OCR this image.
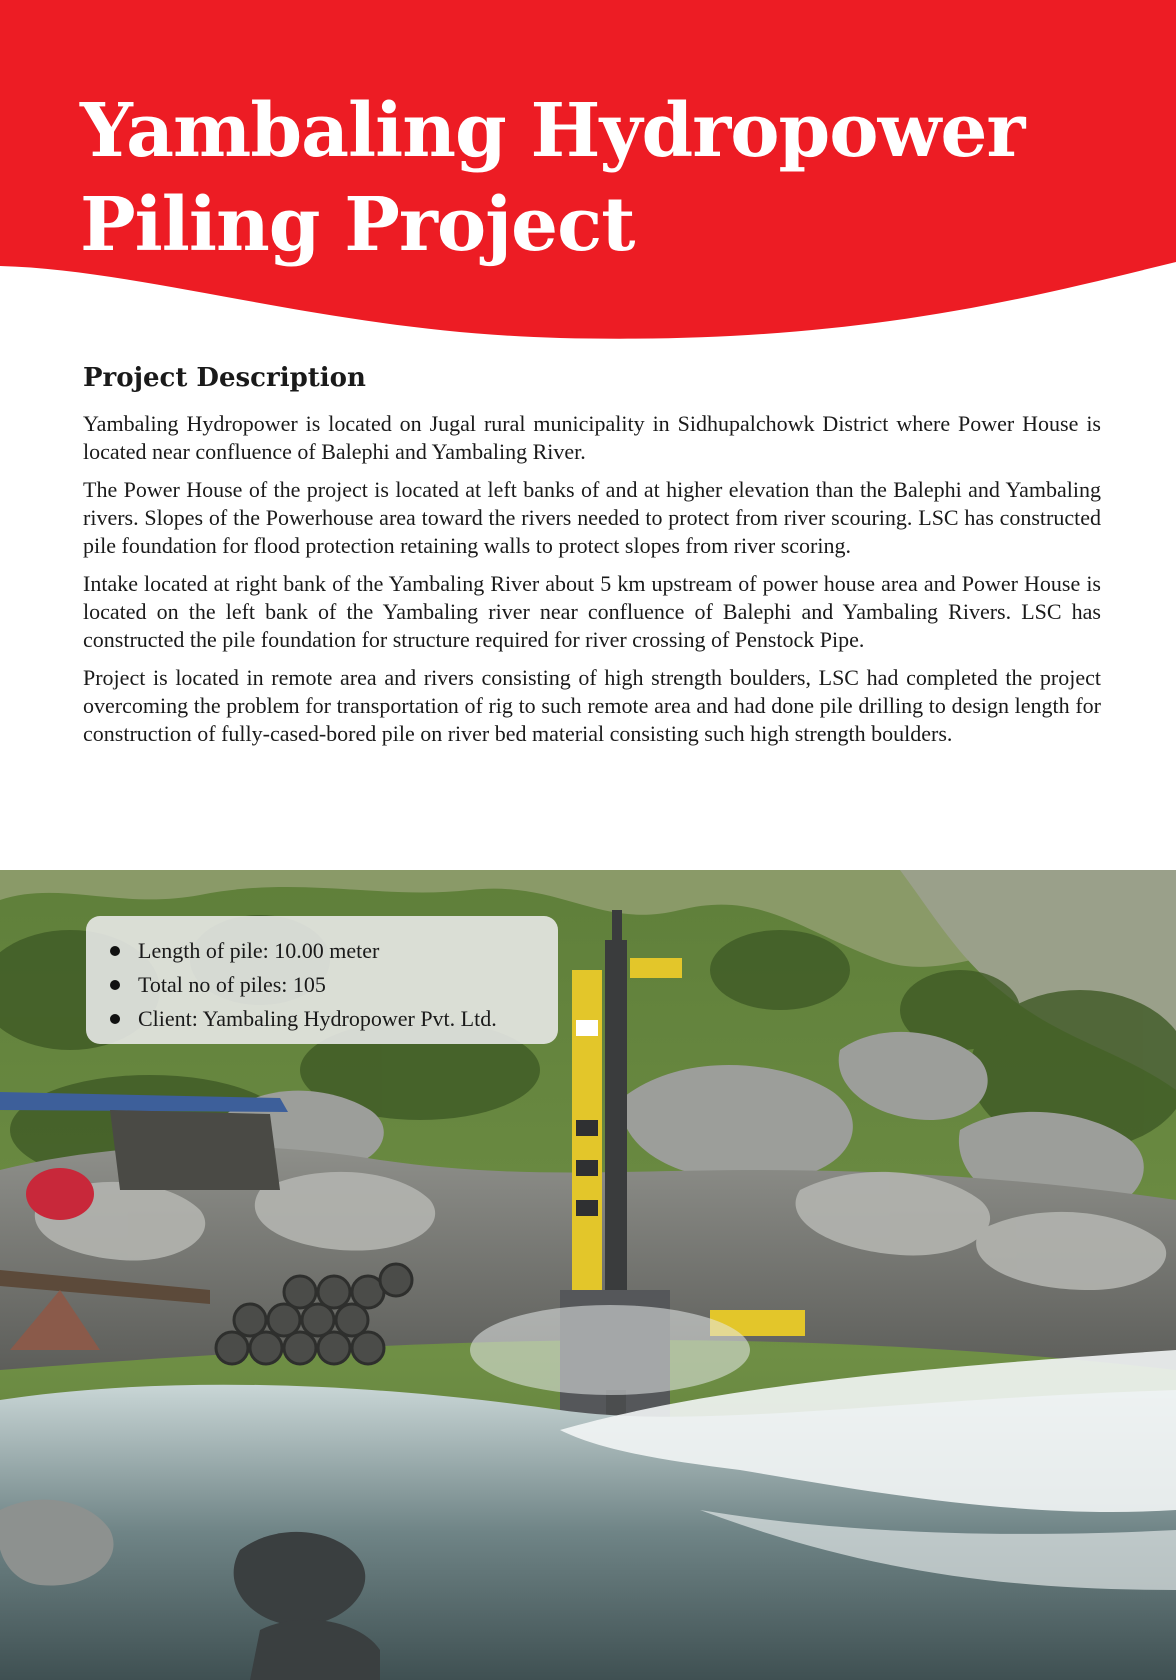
Yambaling Hydropower
Piling Project
Project Description

Yambaling Hydropower is located on Jugal rural municipality in Sidhupalchowk District where Power House is located near confluence of Balephi and Yambaling River.

The Power House of the project is located at left banks of and at higher elevation than the Balephi and Yambaling rivers. Slopes of the Powerhouse area toward the rivers needed to protect from river scouring. LSC has constructed pile foundation for flood protection retaining walls to protect slopes from river scoring.

Intake located at right bank of the Yambaling River about 5 km upstream of power house area and Power House is located on the left bank of the Yambaling river near confluence of Balephi and Yambaling Rivers. LSC has constructed the pile foundation for structure required for river crossing of Penstock Pipe.

Project is located in remote area and rivers consisting of high strength boulders, LSC had completed the project overcoming the problem for transportation of rig to such remote area and had done pile drilling to design length for construction of fully-cased-bored pile on river bed material consisting such high strength boulders.

Length of pile: 10.00 meter
Total no of piles: 105
Client: Yambaling Hydropower Pvt. Ltd.
